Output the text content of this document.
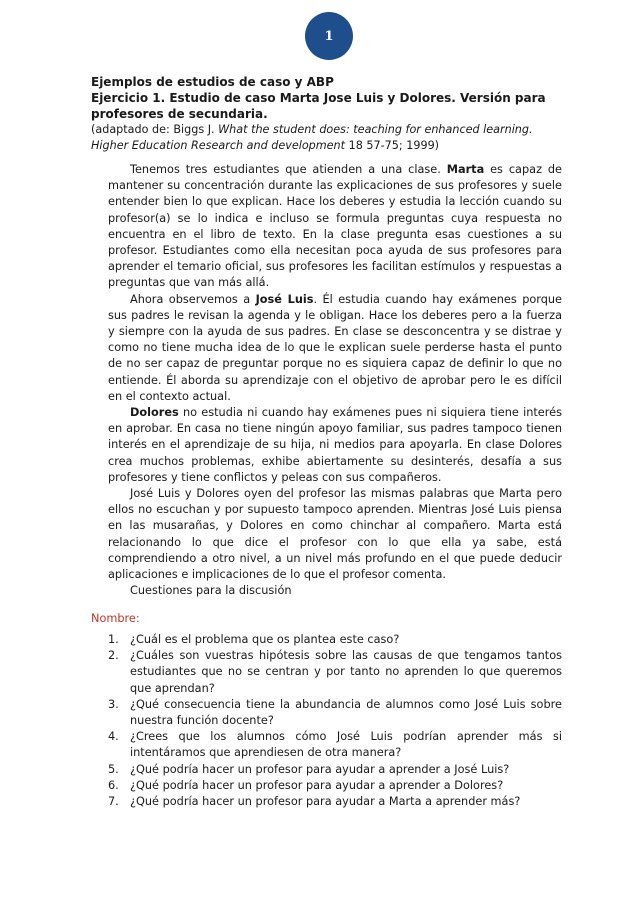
1
Ejemplos de estudios de caso y ABP
Ejercicio 1. Estudio de caso Marta Jose Luis y Dolores. Versión para
profesores de secundaria.
(adaptado de: Biggs J. What the student does: teaching for enhanced learning. Higher Education Research and development 18 57-75; 1999)

Tenemos tres estudiantes que atienden a una clase. Marta es capaz de mantener su concentración durante las explicaciones de sus profesores y suele entender bien lo que explican. Hace los deberes y estudia la lección cuando su profesor(a) se lo indica e incluso se formula preguntas cuya respuesta no encuentra en el libro de texto. En la clase pregunta esas cuestiones a su profesor. Estudiantes como ella necesitan poca ayuda de sus profesores para aprender el temario oficial, sus profesores les facilitan estímulos y respuestas a preguntas que van más allá.

Ahora observemos a José Luis. Él estudia cuando hay exámenes porque sus padres le revisan la agenda y le obligan. Hace los deberes pero a la fuerza y siempre con la ayuda de sus padres. En clase se desconcentra y se distrae y como no tiene mucha idea de lo que le explican suele perderse hasta el punto de no ser capaz de preguntar porque no es siquiera capaz de definir lo que no entiende. Él aborda su aprendizaje con el objetivo de aprobar pero le es difícil en el contexto actual.

Dolores no estudia ni cuando hay exámenes pues ni siquiera tiene interés en aprobar. En casa no tiene ningún apoyo familiar, sus padres tampoco tienen interés en el aprendizaje de su hija, ni medios para apoyarla. En clase Dolores crea muchos problemas, exhibe abiertamente su desinterés, desafía a sus profesores y tiene conflictos y peleas con sus compañeros.

José Luis y Dolores oyen del profesor las mismas palabras que Marta pero ellos no escuchan y por supuesto tampoco aprenden. Mientras José Luis piensa en las musarañas, y Dolores en como chinchar al compañero. Marta está relacionando lo que dice el profesor con lo que ella ya sabe, está comprendiendo a otro nivel, a un nivel más profundo en el que puede deducir aplicaciones e implicaciones de lo que el profesor comenta.

Cuestiones para la discusión
Nombre:
1. ¿Cuál es el problema que os plantea este caso?
2. ¿Cuáles son vuestras hipótesis sobre las causas de que tengamos tantos estudiantes que no se centran y por tanto no aprenden lo que queremos que aprendan?
3. ¿Qué consecuencia tiene la abundancia de alumnos como José Luis sobre nuestra función docente?
4. ¿Crees que los alumnos cómo José Luis podrían aprender más si intentáramos que aprendiesen de otra manera?
5. ¿Qué podría hacer un profesor para ayudar a aprender a José Luis?
6. ¿Qué podría hacer un profesor para ayudar a aprender a Dolores?
7. ¿Qué podría hacer un profesor para ayudar a Marta a aprender más?
